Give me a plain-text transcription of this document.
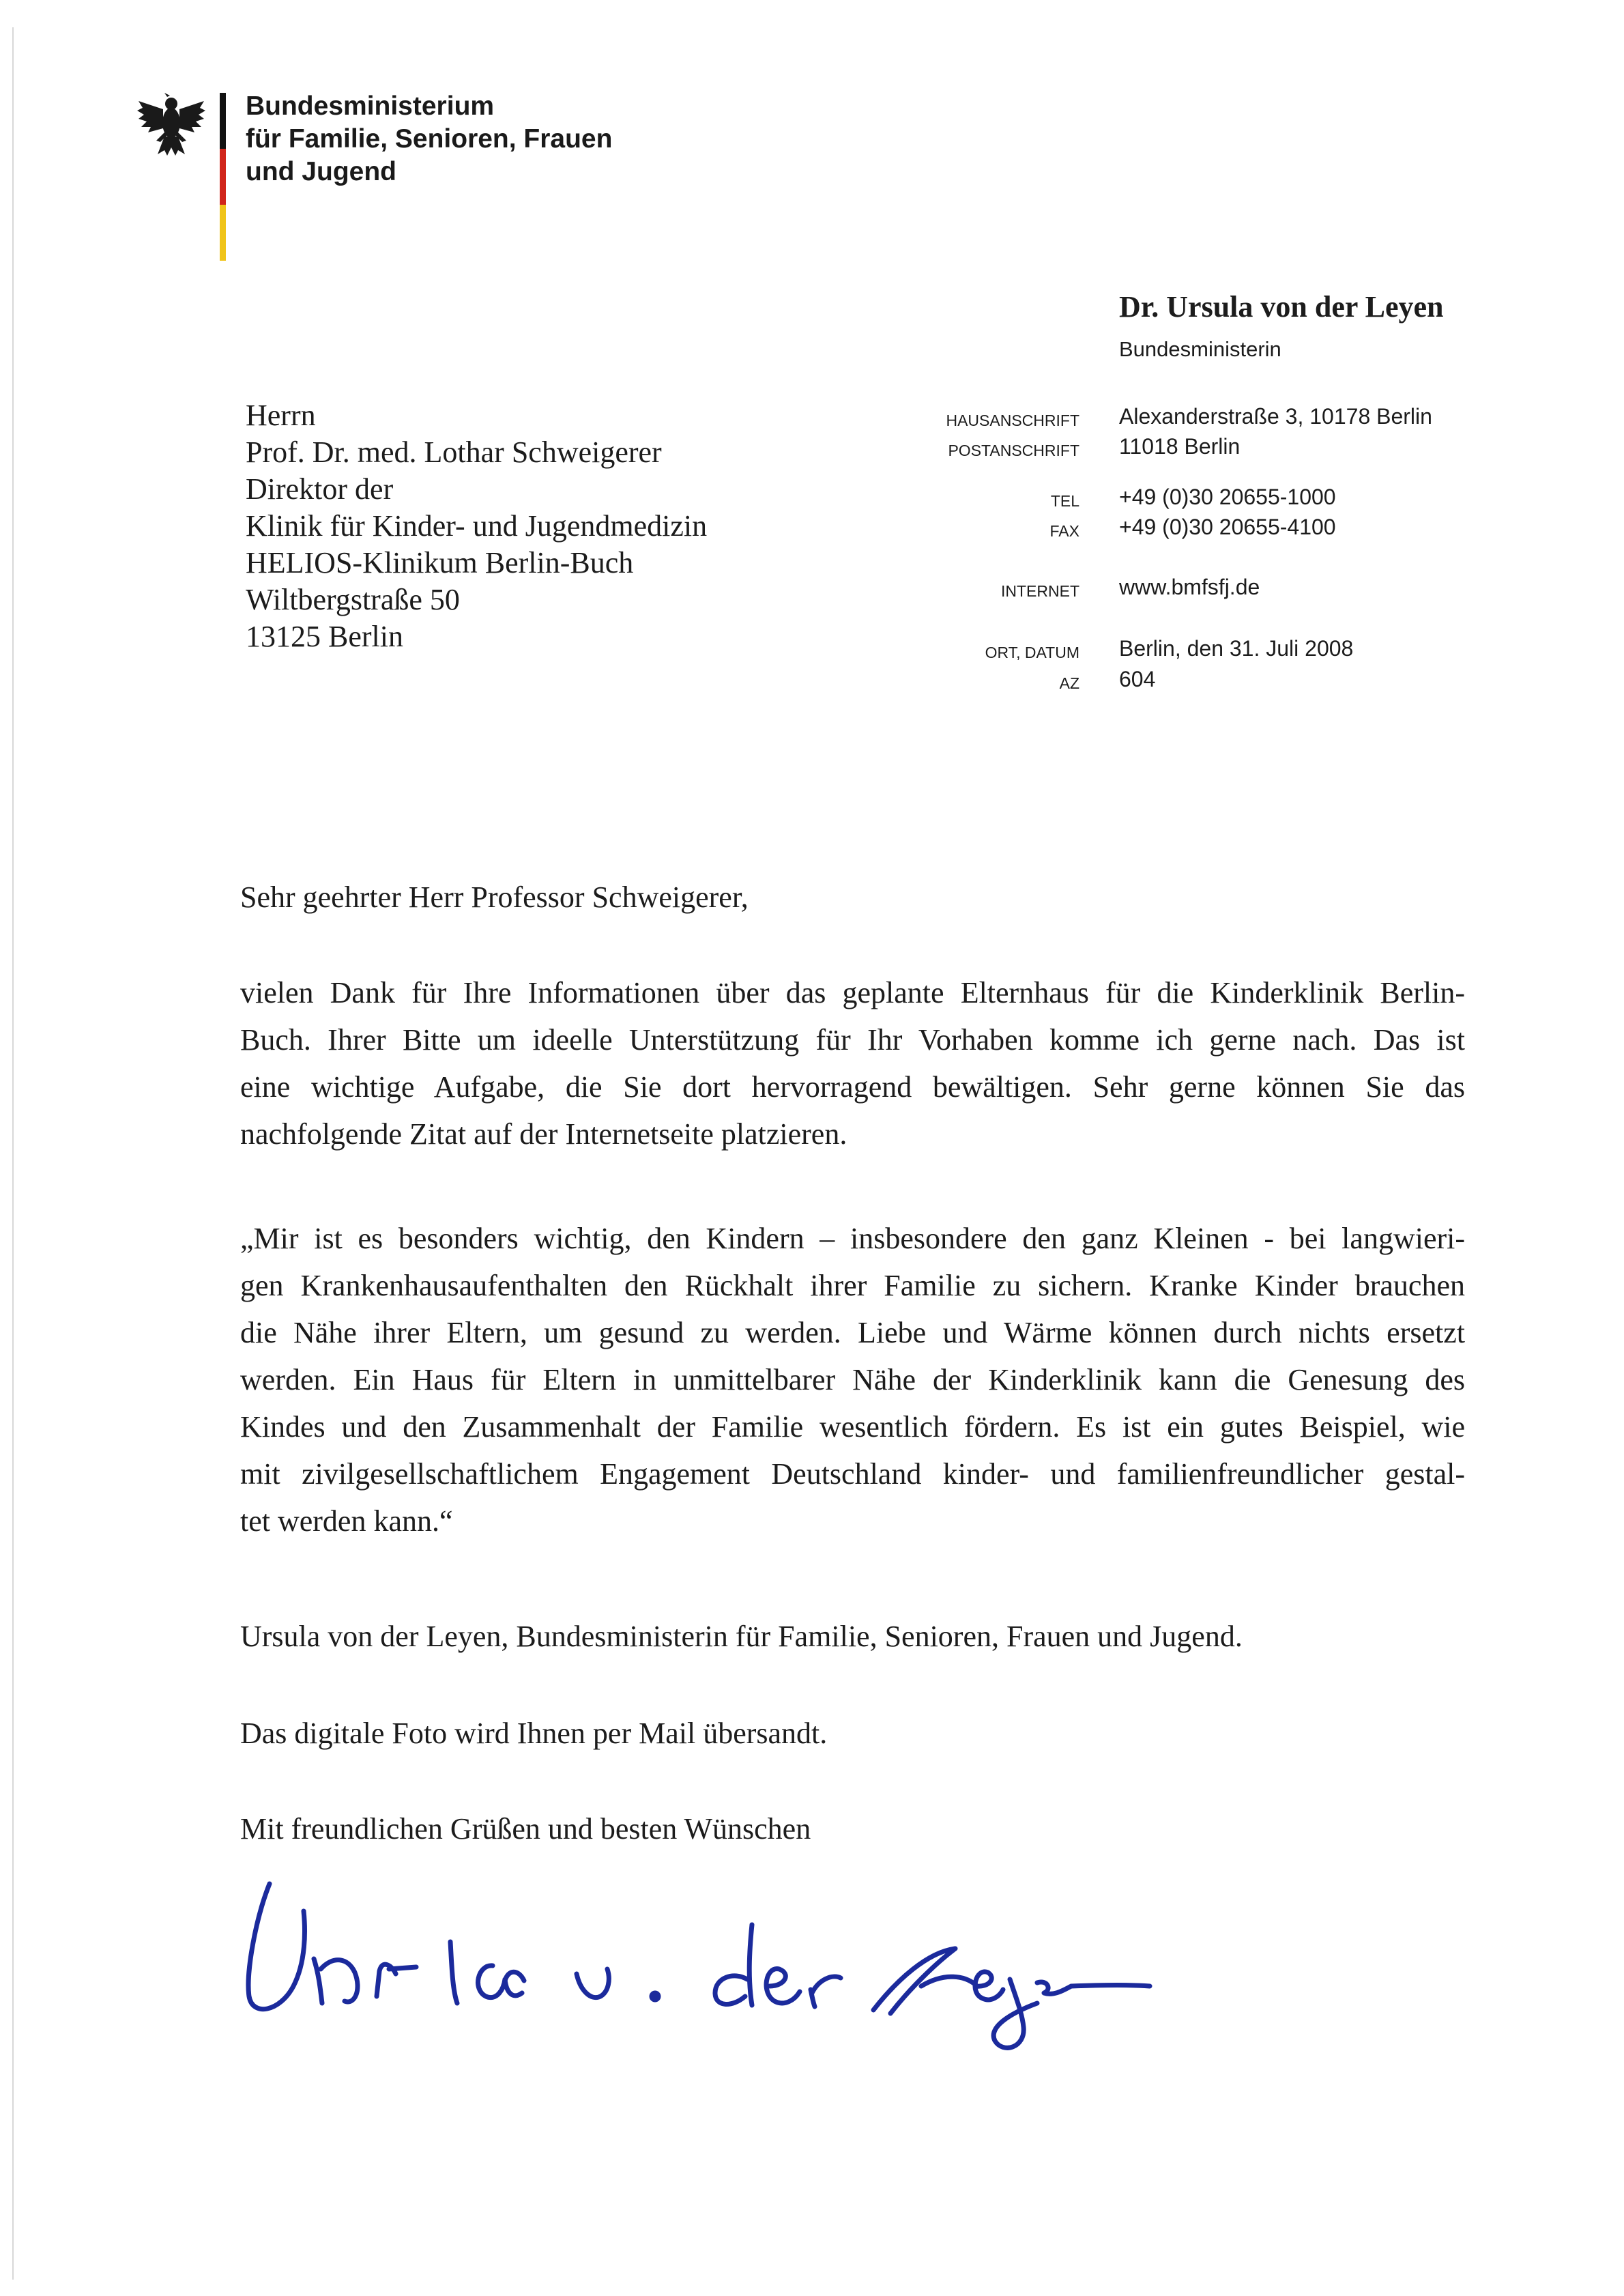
Bundesministerium
für Familie, Senioren, Frauen
und Jugend
Dr. Ursula von der Leyen
Bundesministerin
Herrn
Prof. Dr. med. Lothar Schweigerer
Direktor der
Klinik für Kinder- und Jugendmedizin
HELIOS-Klinikum Berlin-Buch
Wiltbergstraße 50
13125 Berlin
HAUSANSCHRIFT Alexanderstraße 3, 10178 Berlin
POSTANSCHRIFT 11018 Berlin
TEL +49 (0)30 20655-1000
FAX +49 (0)30 20655-4100
INTERNET www.bmfsfj.de
ORT, DATUM Berlin, den 31. Juli 2008
AZ 604
Sehr geehrter Herr Professor Schweigerer,
vielen Dank für Ihre Informationen über das geplante Elternhaus für die Kinderklinik Berlin-
Buch. Ihrer Bitte um ideelle Unterstützung für Ihr Vorhaben komme ich gerne nach. Das ist
eine wichtige Aufgabe, die Sie dort hervorragend bewältigen. Sehr gerne können Sie das
nachfolgende Zitat auf der Internetseite platzieren.
„Mir ist es besonders wichtig, den Kindern – insbesondere den ganz Kleinen - bei langwieri-
gen Krankenhausaufenthalten den Rückhalt ihrer Familie zu sichern. Kranke Kinder brauchen
die Nähe ihrer Eltern, um gesund zu werden. Liebe und Wärme können durch nichts ersetzt
werden. Ein Haus für Eltern in unmittelbarer Nähe der Kinderklinik kann die Genesung des
Kindes und den Zusammenhalt der Familie wesentlich fördern. Es ist ein gutes Beispiel, wie
mit zivilgesellschaftlichem Engagement Deutschland kinder- und familienfreundlicher gestal-
tet werden kann.“
Ursula von der Leyen, Bundesministerin für Familie, Senioren, Frauen und Jugend.
Das digitale Foto wird Ihnen per Mail übersandt.
Mit freundlichen Grüßen und besten Wünschen
